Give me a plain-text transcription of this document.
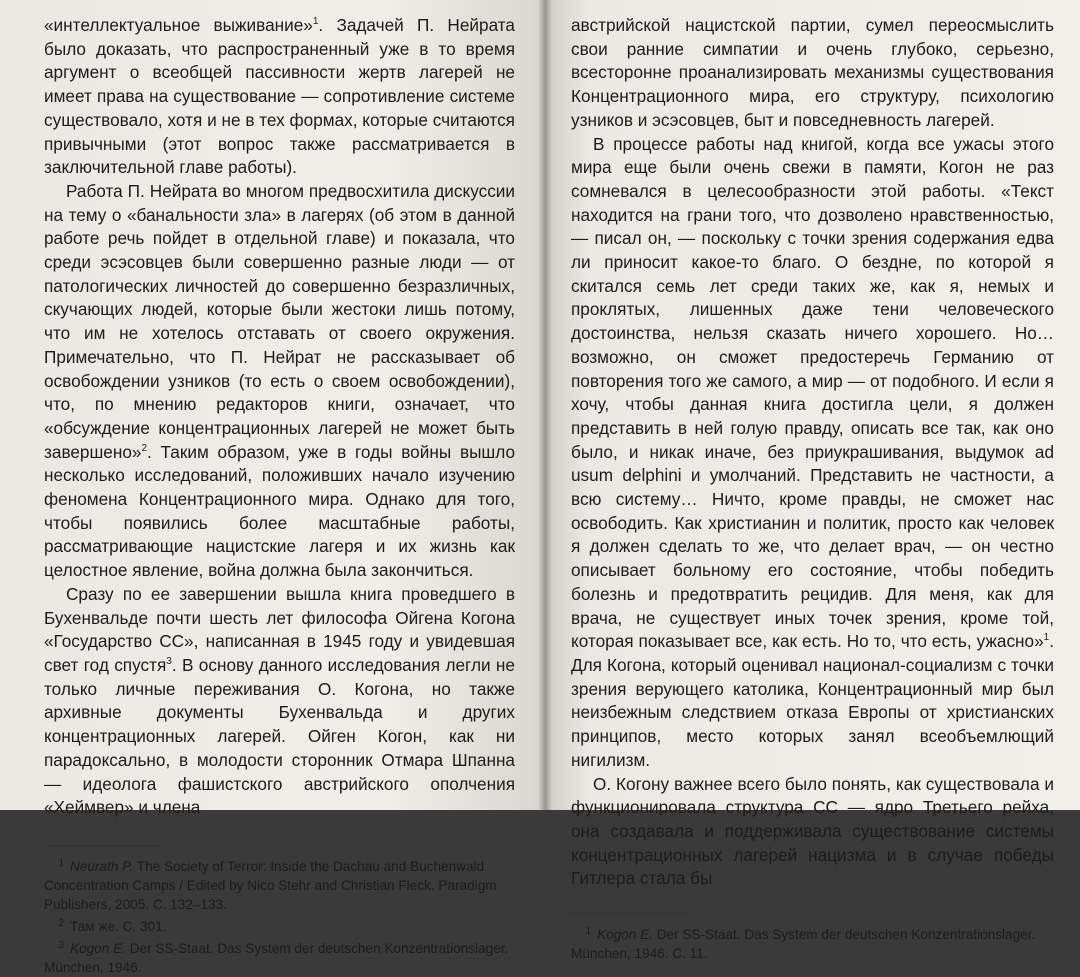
«интеллектуальное выживание»$^1$. Задачей П. Нейрата было доказать, что распространенный уже в то время аргумент о всеобщей пассивности жертв лагерей не имеет права на существование — сопротивление системе существовало, хотя и не в тех формах, которые считаются привычными (этот вопрос также рассматривается в заключительной главе работы).

Работа П. Нейрата во многом предвосхитила дискуссии на тему о «банальности зла» в лагерях (об этом в данной работе речь пойдет в отдельной главе) и показала, что среди эсэсовцев были совершенно разные люди — от патологических личностей до совершенно безразличных, скучающих людей, которые были жестоки лишь потому, что им не хотелось отставать от своего окружения. Примечательно, что П. Нейрат не рассказывает об освобождении узников (то есть о своем освобождении), что, по мнению редакторов книги, означает, что «обсуждение концентрационных лагерей не может быть завершено»$^2$. Таким образом, уже в годы войны вышло несколько исследований, положивших начало изучению феномена Концентрационного мира. Однако для того, чтобы появились более масштабные работы, рассматривающие нацистские лагеря и их жизнь как целостное явление, война должна была закончиться.

Сразу по ее завершении вышла книга проведшего в Бухенвальде почти шесть лет философа Ойгена Когона «Государство СС», написанная в 1945 году и увидевшая свет год спустя$^3$. В основу данного исследования легли не только личные переживания О. Когона, но также архивные документы Бухенвальда и других концентрационных лагерей. Ойген Когон, как ни парадоксально, в молодости сторонник Отмара Шпанна — идеолога фашистского австрийского ополчения «Хеймвер» и члена

1 Neurath P. The Society of Terror: Inside the Dachau and Buchenwald Concentration Camps / Edited by Nico Stehr and Christian Fleck. Paradigm Publishers, 2005. С. 132–133.
2 Там же. С. 301.
3 Kogon E. Der SS-Staat. Das System der deutschen Konzentrationslager. München, 1946.

австрийской нацистской партии, сумел переосмыслить свои ранние симпатии и очень глубоко, серьезно, всесторонне проанализировать механизмы существования Концентрационного мира, его структуру, психологию узников и эсэсовцев, быт и повседневность лагерей.

В процессе работы над книгой, когда все ужасы этого мира еще были очень свежи в памяти, Когон не раз сомневался в целесообразности этой работы. «Текст находится на грани того, что дозволено нравственностью, — писал он, — поскольку с точки зрения содержания едва ли приносит какое-то благо. О бездне, по которой я скитался семь лет среди таких же, как я, немых и проклятых, лишенных даже тени человеческого достоинства, нельзя сказать ничего хорошего. Но… возможно, он сможет предостеречь Германию от повторения того же самого, а мир — от подобного. И если я хочу, чтобы данная книга достигла цели, я должен представить в ней голую правду, описать все так, как оно было, и никак иначе, без приукрашивания, выдумок ad usum delphini и умолчаний. Представить не частности, а всю систему… Ничто, кроме правды, не сможет нас освободить. Как христианин и политик, просто как человек я должен сделать то же, что делает врач, — он честно описывает больному его состояние, чтобы победить болезнь и предотвратить рецидив. Для меня, как для врача, не существует иных точек зрения, кроме той, которая показывает все, как есть. Но то, что есть, ужасно»$^1$. Для Когона, который оценивал национал-социализм с точки зрения верующего католика, Концентрационный мир был неизбежным следствием отказа Европы от христианских принципов, место которых занял всеобъемлющий нигилизм.

О. Когону важнее всего было понять, как существовала и функционировала структура СС — ядро Третьего рейха, она создавала и поддерживала существование системы концентрационных лагерей нацизма и в случае победы Гитлера стала бы

1 Kogon E. Der SS-Staat. Das System der deutschen Konzentrationslager. München, 1946. С. 11.
